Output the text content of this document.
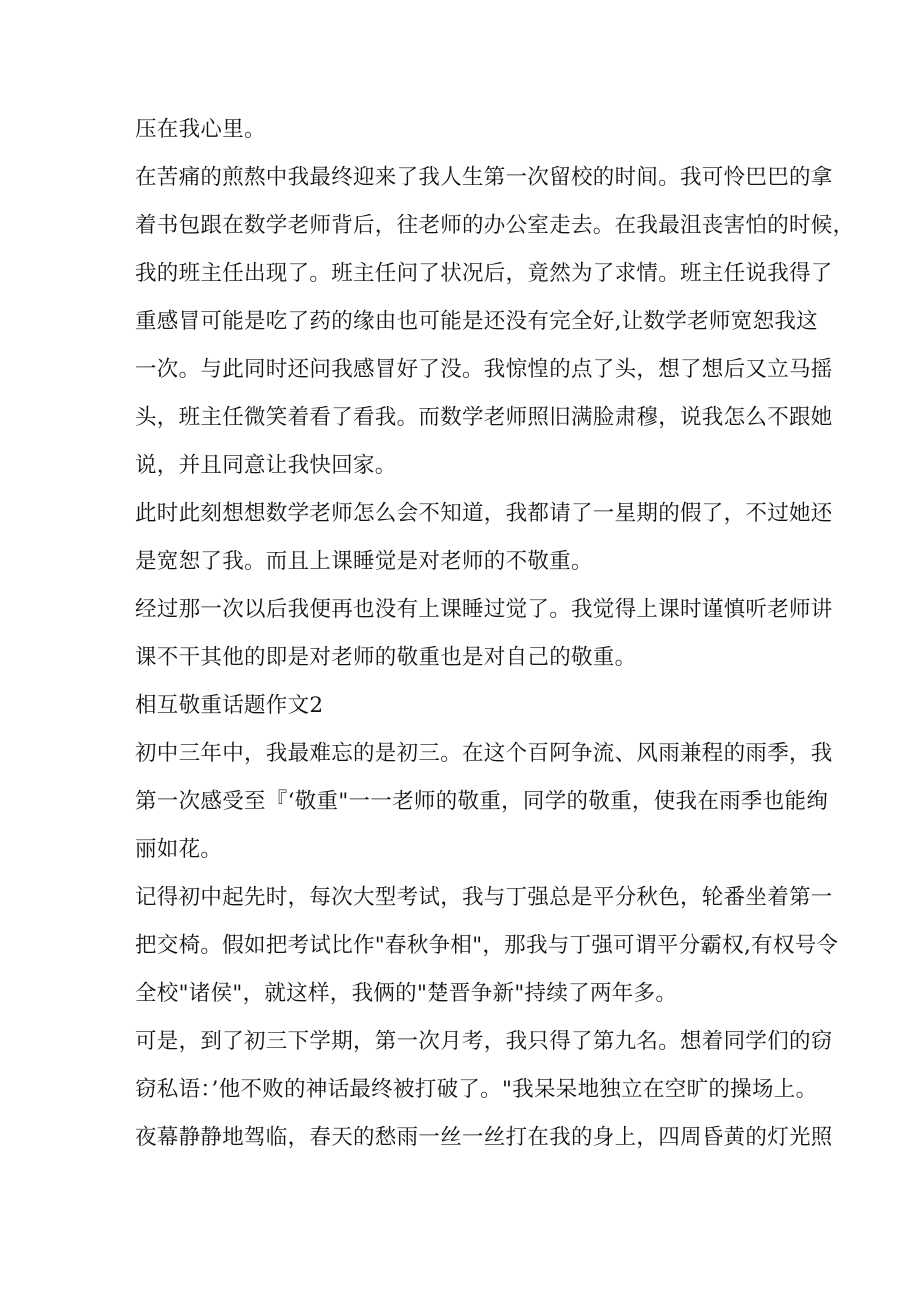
压在我心里。
在苦痛的煎熬中我最终迎来了我人生第一次留校的时间。我可怜巴巴的拿
着书包跟在数学老师背后，往老师的办公室走去。在我最沮丧害怕的时候，
我的班主任出现了。班主任问了状况后，竟然为了求情。班主任说我得了
重感冒可能是吃了药的缘由也可能是还没有完全好,让数学老师宽恕我这
一次。与此同时还问我感冒好了没。我惊惶的点了头，想了想后又立马摇
头，班主任微笑着看了看我。而数学老师照旧满脸肃穆，说我怎么不跟她
说，并且同意让我快回家。
此时此刻想想数学老师怎么会不知道，我都请了一星期的假了，不过她还
是宽恕了我。而且上课睡觉是对老师的不敬重。
经过那一次以后我便再也没有上课睡过觉了。我觉得上课时谨慎听老师讲
课不干其他的即是对老师的敬重也是对自己的敬重。
相互敬重话题作文2
初中三年中，我最难忘的是初三。在这个百阿争流、风雨兼程的雨季，我
第一次感受至『‘敬重"一一老师的敬重，同学的敬重，使我在雨季也能绚
丽如花。
记得初中起先时，每次大型考试，我与丁强总是平分秋色，轮番坐着第一
把交椅。假如把考试比作"春秋争相"，那我与丁强可谓平分霸权,有权号令
全校"诸侯"，就这样，我俩的"楚晋争新"持续了两年多。
可是，到了初三下学期，第一次月考，我只得了第九名。想着同学们的窃
窃私语：’他不败的神话最终被打破了。"我呆呆地独立在空旷的操场上。
夜幕静静地驾临，春天的愁雨一丝一丝打在我的身上，四周昏黄的灯光照
